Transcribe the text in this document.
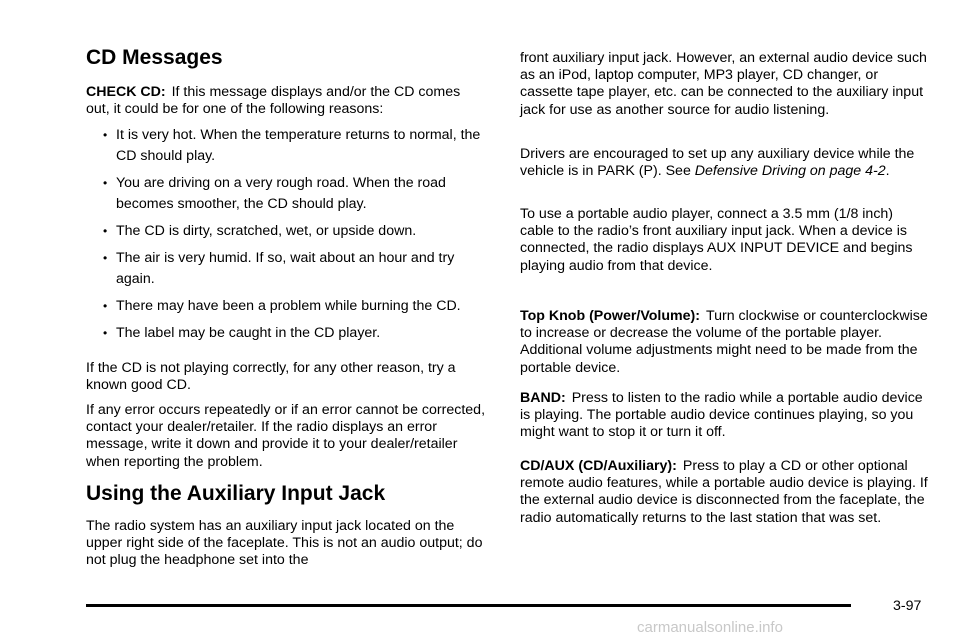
CD Messages

CHECK CD: If this message displays and/or the CD comes out, it could be for one of the following reasons:

• It is very hot. When the temperature returns to normal, the CD should play.
• You are driving on a very rough road. When the road becomes smoother, the CD should play.
• The CD is dirty, scratched, wet, or upside down.
• The air is very humid. If so, wait about an hour and try again.
• There may have been a problem while burning the CD.
• The label may be caught in the CD player.

If the CD is not playing correctly, for any other reason, try a known good CD.

If any error occurs repeatedly or if an error cannot be corrected, contact your dealer/retailer. If the radio displays an error message, write it down and provide it to your dealer/retailer when reporting the problem.

Using the Auxiliary Input Jack

The radio system has an auxiliary input jack located on the upper right side of the faceplate. This is not an audio output; do not plug the headphone set into the

front auxiliary input jack. However, an external audio device such as an iPod, laptop computer, MP3 player, CD changer, or cassette tape player, etc. can be connected to the auxiliary input jack for use as another source for audio listening.

Drivers are encouraged to set up any auxiliary device while the vehicle is in PARK (P). See Defensive Driving on page 4-2.

To use a portable audio player, connect a 3.5 mm (1/8 inch) cable to the radio’s front auxiliary input jack. When a device is connected, the radio displays AUX INPUT DEVICE and begins playing audio from that device.

Top Knob (Power/Volume): Turn clockwise or counterclockwise to increase or decrease the volume of the portable player. Additional volume adjustments might need to be made from the portable device.

BAND: Press to listen to the radio while a portable audio device is playing. The portable audio device continues playing, so you might want to stop it or turn it off.

CD/AUX (CD/Auxiliary): Press to play a CD or other optional remote audio features, while a portable audio device is playing. If the external audio device is disconnected from the faceplate, the radio automatically returns to the last station that was set.

3-97
carmanualsonline.info
